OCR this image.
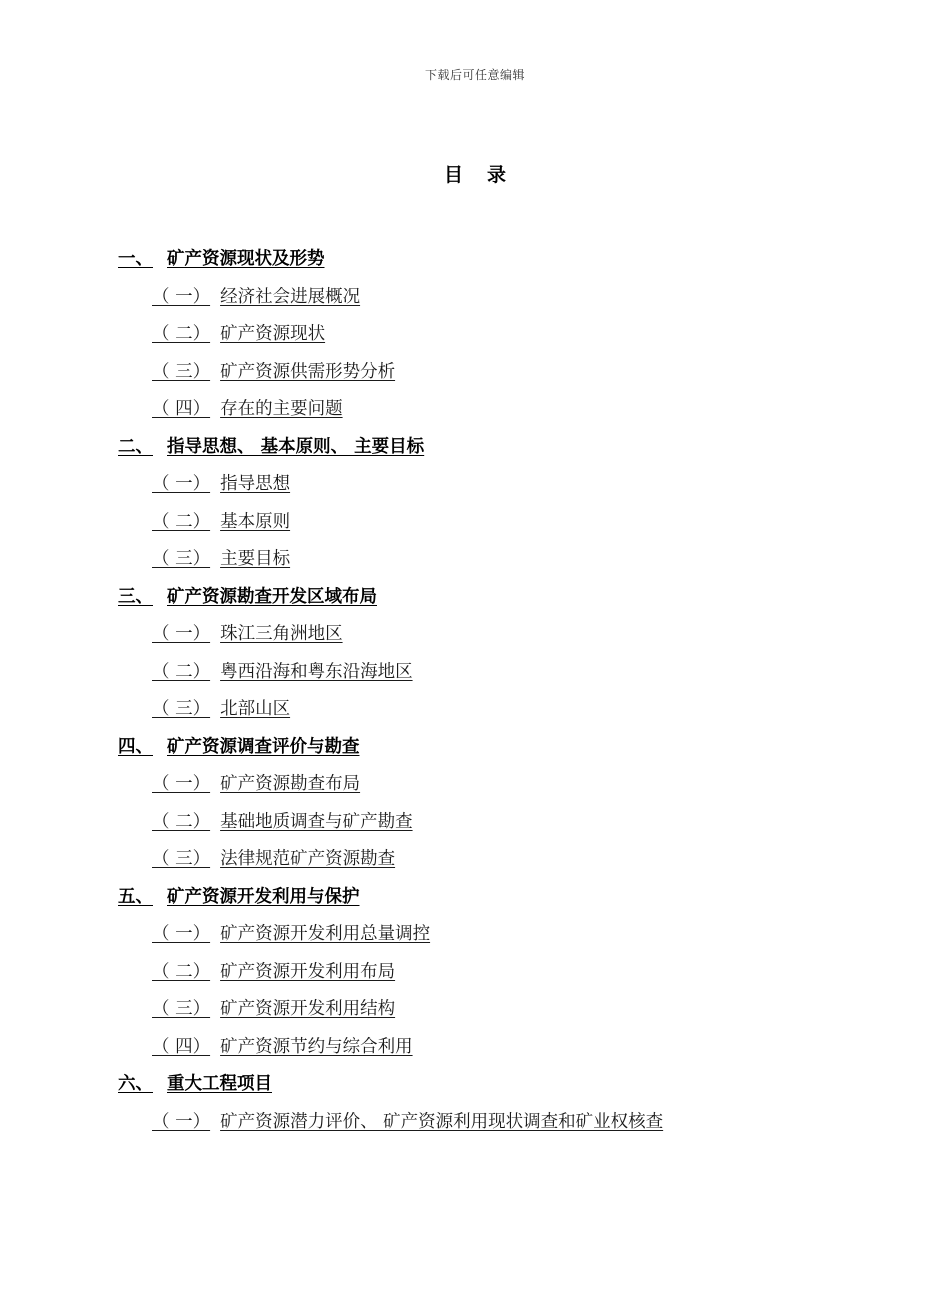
下载后可任意编辑
目 录
一、 矿产资源现状及形势
（ 一） 经济社会进展概况
（ 二） 矿产资源现状
（ 三） 矿产资源供需形势分析
（ 四） 存在的主要问题
二、 指导思想、 基本原则、 主要目标
（ 一） 指导思想
（ 二） 基本原则
（ 三） 主要目标
三、 矿产资源勘查开发区域布局
（ 一） 珠江三角洲地区
（ 二） 粤西沿海和粤东沿海地区
（ 三） 北部山区
四、 矿产资源调查评价与勘查
（ 一） 矿产资源勘查布局
（ 二） 基础地质调查与矿产勘查
（ 三） 法律规范矿产资源勘查
五、 矿产资源开发利用与保护
（ 一） 矿产资源开发利用总量调控
（ 二） 矿产资源开发利用布局
（ 三） 矿产资源开发利用结构
（ 四） 矿产资源节约与综合利用
六、 重大工程项目
（ 一） 矿产资源潜力评价、 矿产资源利用现状调查和矿业权核查
